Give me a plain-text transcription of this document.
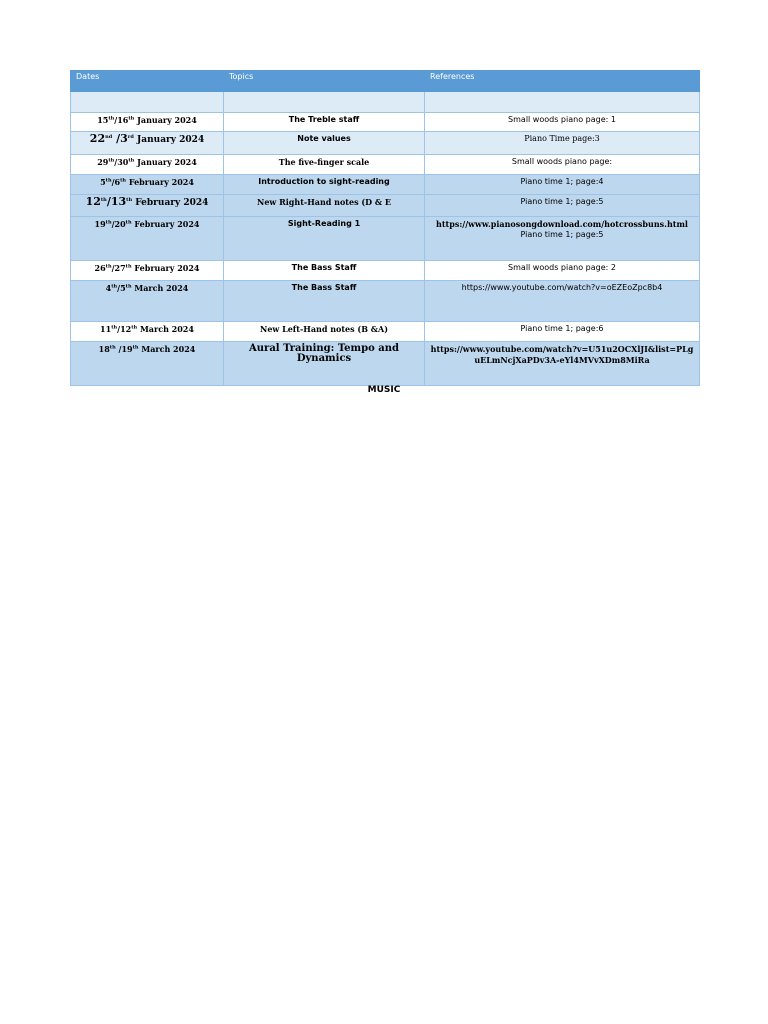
Dates	Topics	References

15th/16th January 2024	The Treble staff	Small woods piano page: 1
22nd /3rd January 2024	Note values	Piano Time page:3
29th/30th January 2024	The five-finger scale	Small woods piano page:
5th/6th February 2024	Introduction to sight-reading	Piano time 1; page:4
12th/13th February 2024	New Right-Hand notes (D & E	Piano time 1; page:5
19th/20th February 2024	Sight-Reading 1	https://www.pianosongdownload.com/hotcrossbuns.html Piano time 1; page:5
26th/27th February 2024	The Bass Staff	Small woods piano page: 2
4th/5th March 2024	The Bass Staff	https://www.youtube.com/watch?v=oEZEoZpc8b4
11th/12th March 2024	New Left-Hand notes (B &A)	Piano time 1; page:6
18th /19th March 2024	Aural Training: Tempo and Dynamics	https://www.youtube.com/watch?v=U51u2OCXlJI&list=PLguELmNcjXaPDv3A-eYl4MVvXDm8MiRa
MUSIC
